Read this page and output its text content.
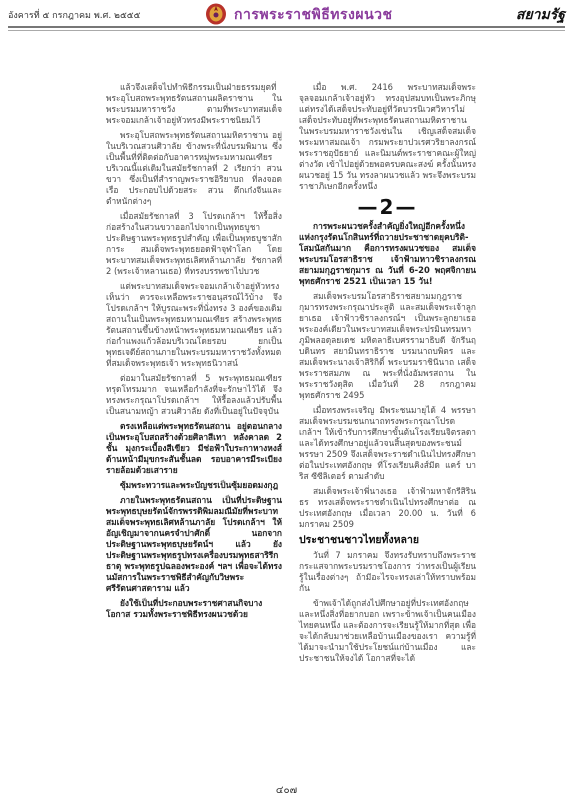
อังคารที่ ๕ กรกฎาคม พ.ศ. ๒๕๕๕	การพระราชพิธีทรงผนวช	สยามรัฐ

แล้วจึงเสด็จไปทำพิธีกรรมเป็นฝ่ายธรรมยุตที่พระอุโบสถพระพุทธรัตนสถานผลิตราชาน ในพระบรมมหาราชวัง ตามที่พระบาทสมเด็จพระจอมเกล้าเจ้าอยู่หัวทรงมีพระราชนิยมไว้

พระอุโบสถพระพุทธรัตนสถานมหิตราชาน อยู่ในบริเวณสวนศิวาลัย ข้างพระที่นั่งบรมพิมาน ซึ่งเป็นพื้นที่ที่ติดต่อกับอาคารหมู่พระมหามณเฑียร บริเวณนี้แต่เดิมในสมัยรัชกาลที่ 2 เรียกว่า สวนขวา ซึ่งเป็นที่สำราญพระราชอิริยาบถ ที่ลงจอดเรือ ประกอบไปด้วยสระ สวน ตึกเก๋งจีนและตำหนักต่างๆ

เมื่อสมัยรัชกาลที่ 3 โปรดเกล้าฯ ให้รื้อสิ่งก่อสร้างในสวนขวาออกไปจากเป็นพุทธบูชาประดิษฐานพระพุทธรูปสำคัญ เพื่อเป็นพุทธบูชาสักการะ สมเด็จพระพุทธยอดฟ้าจุฬาโลก โดยพระบาทสมเด็จพระพุทธเลิศหล้านภาลัย รัชกาลที่ 2 (พระเจ้าหลานเธอ) ที่ทรงบรรพชาไปบวช

แต่พระบาทสมเด็จพระจอมเกล้าเจ้าอยู่หัวทรงเห็นว่า ควรจะเหลือพระราชอนุสรณ์ไว้บ้าง จึงโปรดเกล้าฯ ให้บูรณะพระที่นั่งทรง 3 องค์ของเดิม สถานในเป็นพระพุทธมหามณเฑียร สร้างพระพุทธรัตนสถานขึ้นข้างหน้าพระพุทธมหามณเฑียร แล้วก่อกำแพงแก้วล้อมบริเวณโดยรอบ ยกเป็นพุทธเจดีย์สถานภายในพระบรมมหาราชวังทั้งหมดที่สมเด็จพระพุทธเจ้า พระพุทธนิวาสน์

ต่อมาในสมัยรัชกาลที่ 5 พระพุทธมณเฑียรทรุดโทรมมาก จนเหลือกำลังที่จะรักษาไว้ได้ จึงทรงพระกรุณาโปรดเกล้าฯ ให้รื้อลงแล้วปรับพื้นเป็นสนามหญ้า สวนศิวาลัย ดังที่เป็นอยู่ในปัจจุบัน

ตรงเหลือแต่พระพุทธรัตนสถาน อยู่ตอนกลาง เป็นพระอุโบสถสร้างด้วยศิลาสีเทา หลังคาลด 2 ชั้น มุงกระเบื้องสีเขียว มีช่อฟ้าใบระกาหางหงส์ ด้านหน้ามีมุขกระสันชั้นลด รอบอาคารมีระเบียงรายล้อมด้วยเสาราย

ซุ้มพระทวารและพระบัญชรเป็นซุ้มยอดมงกุฎ

ภายในพระพุทธรัตนสถาน เป็นที่ประดิษฐานพระพุทธบุษยรัตน์จักรพรรดิพิมลมณีมัยที่พระบาทสมเด็จพระพุทธเลิศหล้านภาลัย โปรดเกล้าฯ ให้อัญเชิญมาจากนครจำปาศักดิ์ นอกจากประดิษฐานพระพุทธบุษยรัตน์ฯ แล้ว ยังประดิษฐานพระพุทธรูปทรงเครื่องบรมพุทธสาริรีกธาตุ พระพุทธรูปฉลองพระองค์ ฯลฯ เพื่อจะได้ทรงนมัสการในพระราชพิธีสำคัญกับวิษพระศรีรัตนศาสดาราม แล้ว

ยังใช้เป็นที่ประกอบพระราชศาสนกิจบางโอกาส รวมทั้งพระราชพิธีทรงผนวชด้วย

เมื่อ พ.ศ. 2416 พระบาทสมเด็จพระจุลจอมเกล้าเจ้าอยู่หัว ทรงอุปสมบทเป็นพระภิกษุ แต่ทรงได้เสด็จประทับอยู่ที่วัดบวรนิเวศวิหารไม่เสด็จประทับอยู่ที่พระพุทธรัตนสถานมหิตราชานในพระบรมมหาราชวังเช่นใน เชิญเสด็จสมเด็จพระมหาสมณเจ้า กรมพระยาปวเรศวริยาลงกรณ์ พระราชอุปัธยาย์ และนิมนต์พระราชาคณะผู้ใหญ่ต่างวัด เข้าไปอยู่ด้วยพอครบคณะสงฆ์ ครั้งนั้นทรงผนวชอยู่ 15 วัน ทรงลาผนวชแล้ว พระจึงพระบรมราชาภิเษกอีกครั้งหนึ่ง

—2—

การพระผนวชครั้งสำคัญยิ่งใหญ่อีกครั้งหนึ่งแห่งกรุงรัตนโกสินทร์ที่ถวายประชาชาดยุคบริติ-โสมนัสกันมาก คือการทรงผนวชของ สมเด็จพระบรมโอรสาธิราช เจ้าฟ้ามหาวชิราลงกรณ สยามมกุฎราชกุมาร ณ วันที่ 6-20 พฤศจิกายน พุทธศักราช 2521 เป็นเวลา 15 วัน!

สมเด็จพระบรมโอรสาธิราชสยามมกุฎราชกุมารทรงพระกรุณาประสูติ และสมเด็จพระเจ้าลูกยาเธอ เจ้าฟ้าวชิราลงกรณ์ฯ เป็นพระลูกยาเธอพระองค์เดียวในพระบาทสมเด็จพระปรมินทรมหาภูมิพลอดุลยเดช มหิตลาธิเบศรรามาธิบดี จักรีนฤบดินทร สยามินทราธิราช บรมนาถบพิตร และสมเด็จพระนางเจ้าสิริกิติ์ พระบรมราชินีนาถ เสด็จพระราชสมภพ ณ พระที่นั่งอัมพรสถาน ในพระราชวังดุสิต เมื่อวันที่ 28 กรกฎาคม พุทธศักราช 2495

เมื่อทรงพระเจริญ มีพระชนมายุได้ 4 พรรษา สมเด็จพระบรมชนกนาถทรงพระกรุณาโปรดเกล้าฯ ให้เข้ารับการศึกษาขั้นต้นโรงเรียนจิตรลดา และได้ทรงศึกษาอยู่แล้วจนสิ้นสุดของพระชนม์พรรษา 2509 จึงเสด็จพระราชดำเนินไปทรงศึกษาต่อในประเทศอังกฤษ ที่โรงเรียนคิงส์มีด แคร์ บาริส ซีซีลิเตอร์ ตามลำดับ

สมเด็จพระเจ้าพี่นางเธอ เจ้าฟ้ามหาจักรีสิรินธร ทรงเสด็จพระราชดำเนินไปทรงศึกษาต่อ ณ ประเทศอังกฤษ เมื่อเวลา 20.00 น. วันที่ 6 มกราคม 2509

ประชาชนชาวไทยทั้งหลาย

วันที่ 7 มกราคม จึงทรงรับทราบถึงพระราชกระแสจากพระบรมราชโองการ ว่าทรงเป็นผู้เรียนรู้ในเรื่องต่างๆ ถ้ามีอะไรจะทรงเล่าให้ทราบพร้อมกัน

ข้าพเจ้าได้ถูกส่งไปศึกษาอยู่ที่ประเทศอังกฤษ และหนึ่งสิ่งที่อยากบอก เพราะข้าพเจ้าเป็นคนเมืองไทยคนหนึ่ง และต้องการจะเรียนรู้ให้มากที่สุด เพื่อจะได้กลับมาช่วยเหลือบ้านเมืองของเรา ความรู้ที่ได้มาจะนำมาใช้ประโยชน์แก่บ้านเมือง และประชาชนให้จงได้ โอกาสที่จะได้

๔๐๗
